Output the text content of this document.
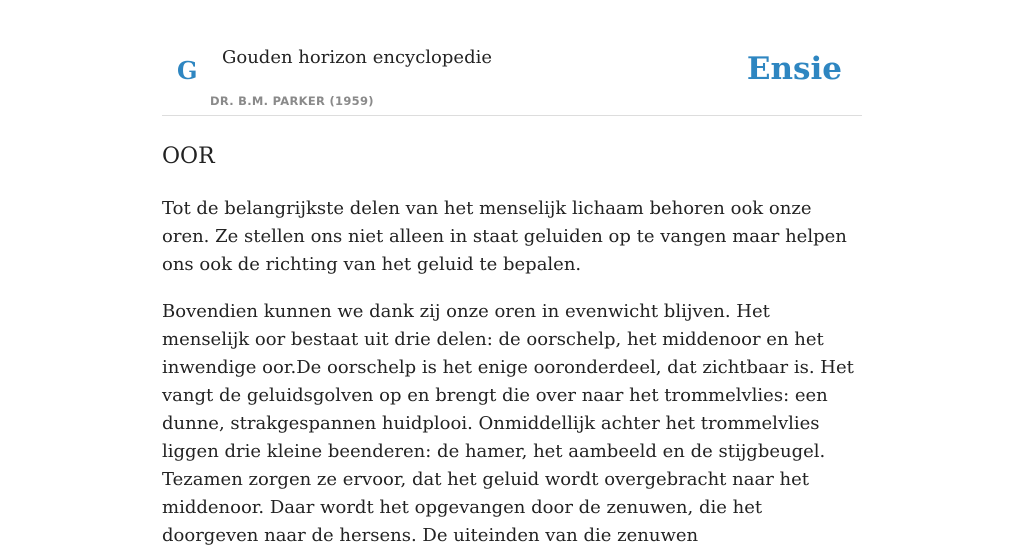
G Gouden horizon encyclopedie
DR. B.M. PARKER (1959)
Ensie
OOR

Tot de belangrijkste delen van het menselijk lichaam behoren ook onze oren. Ze stellen ons niet alleen in staat geluiden op te vangen maar helpen ons ook de richting van het geluid te bepalen.

Bovendien kunnen we dank zij onze oren in evenwicht blijven. Het menselijk oor bestaat uit drie delen: de oorschelp, het middenoor en het inwendige oor.De oorschelp is het enige ooronderdeel, dat zichtbaar is. Het vangt de geluidsgolven op en brengt die over naar het trommelvlies: een dunne, strakgespannen huidplooi. Onmiddellijk achter het trommelvlies liggen drie kleine beenderen: de hamer, het aambeeld en de stijgbeugel. Tezamen zorgen ze ervoor, dat het geluid wordt overgebracht naar het middenoor. Daar wordt het opgevangen door de zenuwen, die het doorgeven naar de hersens. De uiteinden van die zenuwen
